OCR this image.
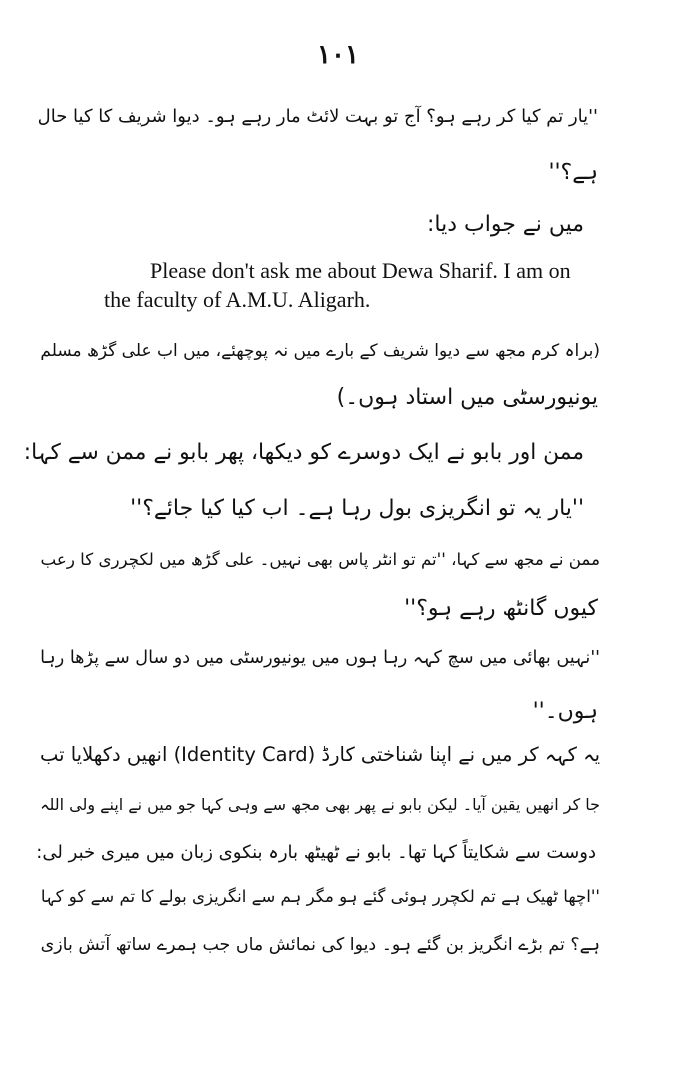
۱۰۱
''یار تم کیا کر رہے ہو؟ آج تو بہت لائٹ مار رہے ہو۔ دیوا شریف کا کیا حال
ہے؟''
میں نے جواب دیا:
Please don't ask me about Dewa Sharif. I am on
the faculty of A.M.U. Aligarh.
(براہ کرم مجھ سے دیوا شریف کے بارے میں نہ پوچھئے، میں اب علی گڑھ مسلم
یونیورسٹی میں استاد ہوں۔)
ممن اور بابو نے ایک دوسرے کو دیکھا، پھر بابو نے ممن سے کہا:
''یار یہ تو انگریزی بول رہا ہے۔ اب کیا کیا جائے؟''
ممن نے مجھ سے کہا، ''تم تو انٹر پاس بھی نہیں۔ علی گڑھ میں لکچرری کا رعب
کیوں گانٹھ رہے ہو؟''
''نہیں بھائی میں سچ کہہ رہا ہوں میں یونیورسٹی میں دو سال سے پڑھا رہا
ہوں۔''
یہ کہہ کر میں نے اپنا شناختی کارڈ (Identity Card) انھیں دکھلایا تب
جا کر انھیں یقین آیا۔ لیکن بابو نے پھر بھی مجھ سے وہی کہا جو میں نے اپنے ولی اللہ
دوست سے شکایتاً کہا تھا۔ بابو نے ٹھیٹھ بارہ بنکوی زبان میں میری خبر لی:
''اچھا ٹھیک ہے تم لکچرر ہوئی گئے ہو مگر ہم سے انگریزی بولے کا تم سے کو کہا
ہے؟ تم بڑے انگریز بن گئے ہو۔ دیوا کی نمائش ماں جب ہمرے ساتھ آتش بازی
